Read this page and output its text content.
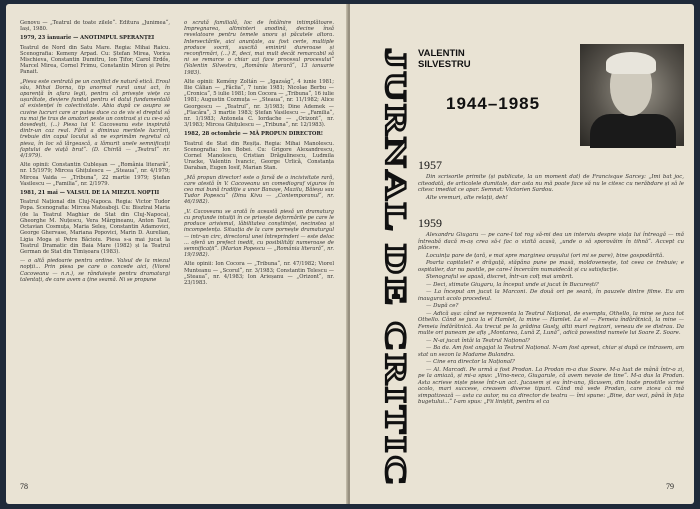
Genovu — „Teatrul de toate zilele“. Editura „Junimea“, Iași, 1980.

1979, 23 ianuarie — ANOTIMPUL SPERANȚEI

Teatrul de Nord din Satu Mare. Regia: Mihai Raicu. Scenografia: Kemeny Arpad. Cu: Ștefan Mirea, Vorica Mischieva, Constantin Dumitru, Ion Țifor, Carol Erdős, Marcel Mirea, Cornel Frimu, Constantin Miron și Petre Panait.

„Piesa este centrată pe un conflict de natură etică. Eroul său, Mihai Dorna, tip anormal rural unui act, în aparență în afara legii, pentru că privește viețe ca ușurătate, deviere fundul pentru el datul fundamentală al existenței în colectivitate. Abia după ce asupra se cuvine lucruri care ar putea duce ca de vis el dreptul să nu mai fie tras de amatori peste un contrast și cu ce-o să dovedești, (...) Piesa lui V. Cacoveanu este inspirată dintr-un caz real. Fără a diminua meritele lucrării, trebuie din capul locului să ne exprimăm regretul că piesa, în loc să lărgească, a lămurit unele semnificații faptului de viață brut“. (D. Chirilă — „Teatrul“ nr. 4/1979).

Alte opinii: Constantin Cubleșan — „România literară“, nr. 15/1979; Mircea Ghițulescu — „Steaua“, nr. 4/1979; Mircea Vaida — „Tribuna“, 22 martie 1979; Ștefan Vasilescu — „Familia“, nr. 2/1979.

1981, 21 mai — VALSUL DE LA MIEZUL NOPȚII

Teatrul Național din Cluj-Napoca. Regia: Victor Tudor Popa. Scenografia: Mircea Mateaboji. Cu: Bisztrai Maria (de la Teatrul Maghiar de Stat din Cluj-Napoca), Gheorghe M. Nuțescu, Vera Mărgineanu, Anton Tauf, Octavian Cosmuța, Maria Seleș, Constantin Adamovici, George Ghervase, Mariana Popovici, Marin D. Aurelian, Ligia Moga și Petre Băcioiu. Piesa s-a mai jucat la Teatrul Dramatic din Baia Mare (1982) și la Teatrul German de Stat din Timișoara (1983).

— o altă piedoarie pentru ordine. Valsul de la miezul nopții... Prin piesa pe care o concede aici, (Viorel Cacoveanu — n.n.), se rânduiește pentru dramaturgi talentați, de care avem a ține seamă. Ni se propune

o scrată familială, loc de întâlnire intimplătoare. Impregnarea, altminteri anodină, decine însă revelatoare pentru temele unora și păcatele altora. Intersectările, aici anunțate, au fost certe, multiple produce socrii, suscită eminirii dureroase și reconfirmări, (...) E, deci, mai mult decât remarcabil să ni se remarce o chiar azi face procesul procesului“ (Valentin Silvestru, „România literară“, 13 ianuarie 1983).

Alte opinii: Kemény Zoltán — „Igazság“, 4 iunie 1981; Ilie Călian — „Făclia“, 7 iunie 1981; Nicolae Berbu — „Cronica“, 5 iulie 1981; Ion Cocora — „Tribuna“, 16 iulie 1981; Augustin Cozmuța — „Steaua“, nr. 11/1982; Alice Georgescu — „Teatrul“, nr. 3/1983; Dine Ademek — „Flacăra“, 3 martie 1983; Ștefan Vasilescu — „Familia“, nr. 1/1983; Antonela C. Iordache — „Orizont“, nr. 3/1983; Mircea Ghițulescu — „Tribuna“, nr. 12/1983).

1982, 28 octombrie — MĂ PROPUN DIRECTOR!

Teatrul de Stat din Reșița. Regia: Mihai Manolescu. Scenografia: Ion Bobei. Cu: Grigore Alexandrescu, Cornel Manolescu, Cristian Drăgulinescu, Ludmila Uracke, Valentin Ivancic, George Urlică, Constanța Daraban, Eugen Iosif, Marian Stan.

„Mă propun director! este o farsă de o incisivitate rară, care atestă în V. Cacoveanu un comediograf viguros în cea mai bună tradiție a unor Banașe, Mazilu, Băieșu sau Tudor Popescu“ (Dinu Kivu — „Contemporanul“, nr. 46/1982).

„V. Cacoveanu se arată în această piesă un dramaturg cu profunde intuiții în ce privește deformările pe care le produce arivismul, lăbilitatea conștiinței, necinstea și incompetența. Situația de la care pornește dramaturgul — intr-un circ, directorul unei întreprinderi — este deloc ... oferă un prefect inedit, cu posibilități numeroase de semnificații“. (Marian Popescu — „România literară“, nr. 19/1982).

Alte opinii: Ion Cocora — „Tribuna“, nr. 47/1982; Viorel Munteanu — „Scorul“, nr. 3/1983; Constantin Telescu — „Steaua“, nr. 4/1983; Ion Arieșanu — „Orizont“, nr. 23/1983.

78
JURNAL DE CRITIC VALENTIN
SILVESTRU
1944–1985
1957

Din scrisorile primite (și publicate, la un moment dat) de Francisque Sarcey: „Imi bat joc, citeodată, de articolele dumitale, dar asta nu mă poate face să nu le citesc cu nerăbdare și să le citesc imediat ce apar. Semnat: Victorien Sardou.

Alte vremuri, alte relații, deh!

1959

Alexandru Giugaru — pe care-l tot rog să-mi dea un interviu despre viața lui întreagă — mă întreabă dacă m-aș crea să-i fac o vizită acasă, „unde o să sporovăim în tihnă“. Accept cu plăcere.

Locuința pare de țară, e mai spre marginea orașului (ori mi se pare), bine gospodărită.

Poarta capitalei? e drăguță, stăpâna pune pe masă, moldovenește, tot ceea ce trebuie; e ospitalier, dar nu pastile, pe care-l încercăm numaidecât și cu satisfacție.

Stenograful se apasă, discret, într-un colț mai umbrit.

— Deci, stimate Giugaru, la început unde ai jucat în București?

— La început am jucat la Marconi. De două ori pe seară, în pauzele dintre filme. Eu am inaugurat acolo procedeul.

— După ce?

— Adică așa: când se reprezenta la Teatrul Național, de exemplu, Othello, la mine se juca tot Othello. Când se juca la el Hamlet, la mine — Hamlet. La el — Femeia îndărătnică, la mine — Femeia îndărătnică. Au trecut pe la grădina Gusty, altii mari regizori, veneau de se distrau. Da multe ori puneam pe afiș „Montarea, Lună Z, Lună“, adică povestind numele lui Soare Z. Soare.

— N-ai jucat întâi la Teatrul Național?

— Ba da. Am fost angajat la Teatrul Național. N-am fost apreat, chiar și după ce intrasem, am stat un sezon la Madame Bulandra.

— Cine era director la Național?

— Al. Marcodi. Pe urmă a fost Prodan. La Prodan m-a dus Soare. M-a luat de mână într-o zi, pe la amiază, și mi-a spus: „Vino-neco, Giugarule, că avem nevoie de tine“. M-a dus la Prodan. Asta scriese niște piese într-un act. Jucasem și eu într-una, făcusem, din toate prostiile scrise acolo, mari succese, creasem diverse tipuri. Când mă vede Prodan, care zicea că mă simpatizează — asta ca autor, nu ca director de teatru — îmi spune: „Bine, dar vezi, până în fața bugetului...“ I-am spus: „Fii liniștit, pentru el ca

79
